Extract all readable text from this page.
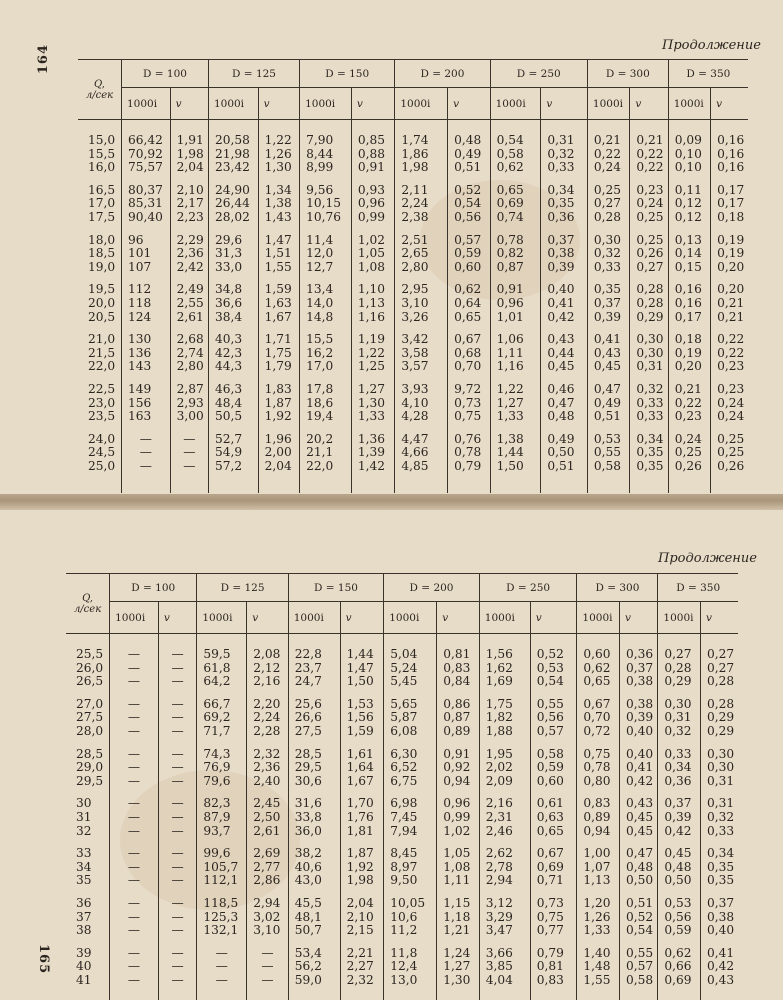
164	Продолжение
Q,
л/сек	D = 100		D = 125		D = 150		D = 200		D = 250		D = 300		D = 350	
	1000i	v	1000i	v	1000i	v	1000i	v	1000i	v	1000i	v	1000i	v

15,0	66,42	1,91	20,58	1,22	7,90	0,85	1,74	0,48	0,54	0,31	0,21	0,21	0,09	0,16
15,5	70,92	1,98	21,98	1,26	8,44	0,88	1,86	0,49	0,58	0,32	0,22	0,22	0,10	0,16
16,0	75,57	2,04	23,42	1,30	8,99	0,91	1,98	0,51	0,62	0,33	0,24	0,22	0,10	0,16

16,5	80,37	2,10	24,90	1,34	9,56	0,93	2,11	0,52	0,65	0,34	0,25	0,23	0,11	0,17
17,0	85,31	2,17	26,44	1,38	10,15	0,96	2,24	0,54	0,69	0,35	0,27	0,24	0,12	0,17
17,5	90,40	2,23	28,02	1,43	10,76	0,99	2,38	0,56	0,74	0,36	0,28	0,25	0,12	0,18

18,0	96	2,29	29,6	1,47	11,4	1,02	2,51	0,57	0,78	0,37	0,30	0,25	0,13	0,19
18,5	101	2,36	31,3	1,51	12,0	1,05	2,65	0,59	0,82	0,38	0,32	0,26	0,14	0,19
19,0	107	2,42	33,0	1,55	12,7	1,08	2,80	0,60	0,87	0,39	0,33	0,27	0,15	0,20

19,5	112	2,49	34,8	1,59	13,4	1,10	2,95	0,62	0,91	0,40	0,35	0,28	0,16	0,20
20,0	118	2,55	36,6	1,63	14,0	1,13	3,10	0,64	0,96	0,41	0,37	0,28	0,16	0,21
20,5	124	2,61	38,4	1,67	14,8	1,16	3,26	0,65	1,01	0,42	0,39	0,29	0,17	0,21

21,0	130	2,68	40,3	1,71	15,5	1,19	3,42	0,67	1,06	0,43	0,41	0,30	0,18	0,22
21,5	136	2,74	42,3	1,75	16,2	1,22	3,58	0,68	1,11	0,44	0,43	0,30	0,19	0,22
22,0	143	2,80	44,3	1,79	17,0	1,25	3,57	0,70	1,16	0,45	0,45	0,31	0,20	0,23

22,5	149	2,87	46,3	1,83	17,8	1,27	3,93	9,72	1,22	0,46	0,47	0,32	0,21	0,23
23,0	156	2,93	48,4	1,87	18,6	1,30	4,10	0,73	1,27	0,47	0,49	0,33	0,22	0,24
23,5	163	3,00	50,5	1,92	19,4	1,33	4,28	0,75	1,33	0,48	0,51	0,33	0,23	0,24

24,0	—	—	52,7	1,96	20,2	1,36	4,47	0,76	1,38	0,49	0,53	0,34	0,24	0,25
24,5	—	—	54,9	2,00	21,1	1,39	4,66	0,78	1,44	0,50	0,55	0,35	0,25	0,25
25,0	—	—	57,2	2,04	22,0	1,42	4,85	0,79	1,50	0,51	0,58	0,35	0,26	0,26

165
Продолжение
Q,
л/сек	D = 100		D = 125		D = 150		D = 200		D = 250		D = 300		D = 350	
	1000i	v	1000i	v	1000i	v	1000i	v	1000i	v	1000i	v	1000i	v

25,5	—	—	59,5	2,08	22,8	1,44	5,04	0,81	1,56	0,52	0,60	0,36	0,27	0,27
26,0	—	—	61,8	2,12	23,7	1,47	5,24	0,83	1,62	0,53	0,62	0,37	0,28	0,27
26,5	—	—	64,2	2,16	24,7	1,50	5,45	0,84	1,69	0,54	0,65	0,38	0,29	0,28

27,0	—	—	66,7	2,20	25,6	1,53	5,65	0,86	1,75	0,55	0,67	0,38	0,30	0,28
27,5	—	—	69,2	2,24	26,6	1,56	5,87	0,87	1,82	0,56	0,70	0,39	0,31	0,29
28,0	—	—	71,7	2,28	27,5	1,59	6,08	0,89	1,88	0,57	0,72	0,40	0,32	0,29

28,5	—	—	74,3	2,32	28,5	1,61	6,30	0,91	1,95	0,58	0,75	0,40	0,33	0,30
29,0	—	—	76,9	2,36	29,5	1,64	6,52	0,92	2,02	0,59	0,78	0,41	0,34	0,30
29,5	—	—	79,6	2,40	30,6	1,67	6,75	0,94	2,09	0,60	0,80	0,42	0,36	0,31

30	—	—	82,3	2,45	31,6	1,70	6,98	0,96	2,16	0,61	0,83	0,43	0,37	0,31
31	—	—	87,9	2,50	33,8	1,76	7,45	0,99	2,31	0,63	0,89	0,45	0,39	0,32
32	—	—	93,7	2,61	36,0	1,81	7,94	1,02	2,46	0,65	0,94	0,45	0,42	0,33

33	—	—	99,6	2,69	38,2	1,87	8,45	1,05	2,62	0,67	1,00	0,47	0,45	0,34
34	—	—	105,7	2,77	40,6	1,92	8,97	1,08	2,78	0,69	1,07	0,48	0,48	0,35
35	—	—	112,1	2,86	43,0	1,98	9,50	1,11	2,94	0,71	1,13	0,50	0,50	0,35

36	—	—	118,5	2,94	45,5	2,04	10,05	1,15	3,12	0,73	1,20	0,51	0,53	0,37
37	—	—	125,3	3,02	48,1	2,10	10,6	1,18	3,29	0,75	1,26	0,52	0,56	0,38
38	—	—	132,1	3,10	50,7	2,15	11,2	1,21	3,47	0,77	1,33	0,54	0,59	0,40

39	—	—	—	—	53,4	2,21	11,8	1,24	3,66	0,79	1,40	0,55	0,62	0,41
40	—	—	—	—	56,2	2,27	12,4	1,27	3,85	0,81	1,48	0,57	0,66	0,42
41	—	—	—	—	59,0	2,32	13,0	1,30	4,04	0,83	1,55	0,58	0,69	0,43
